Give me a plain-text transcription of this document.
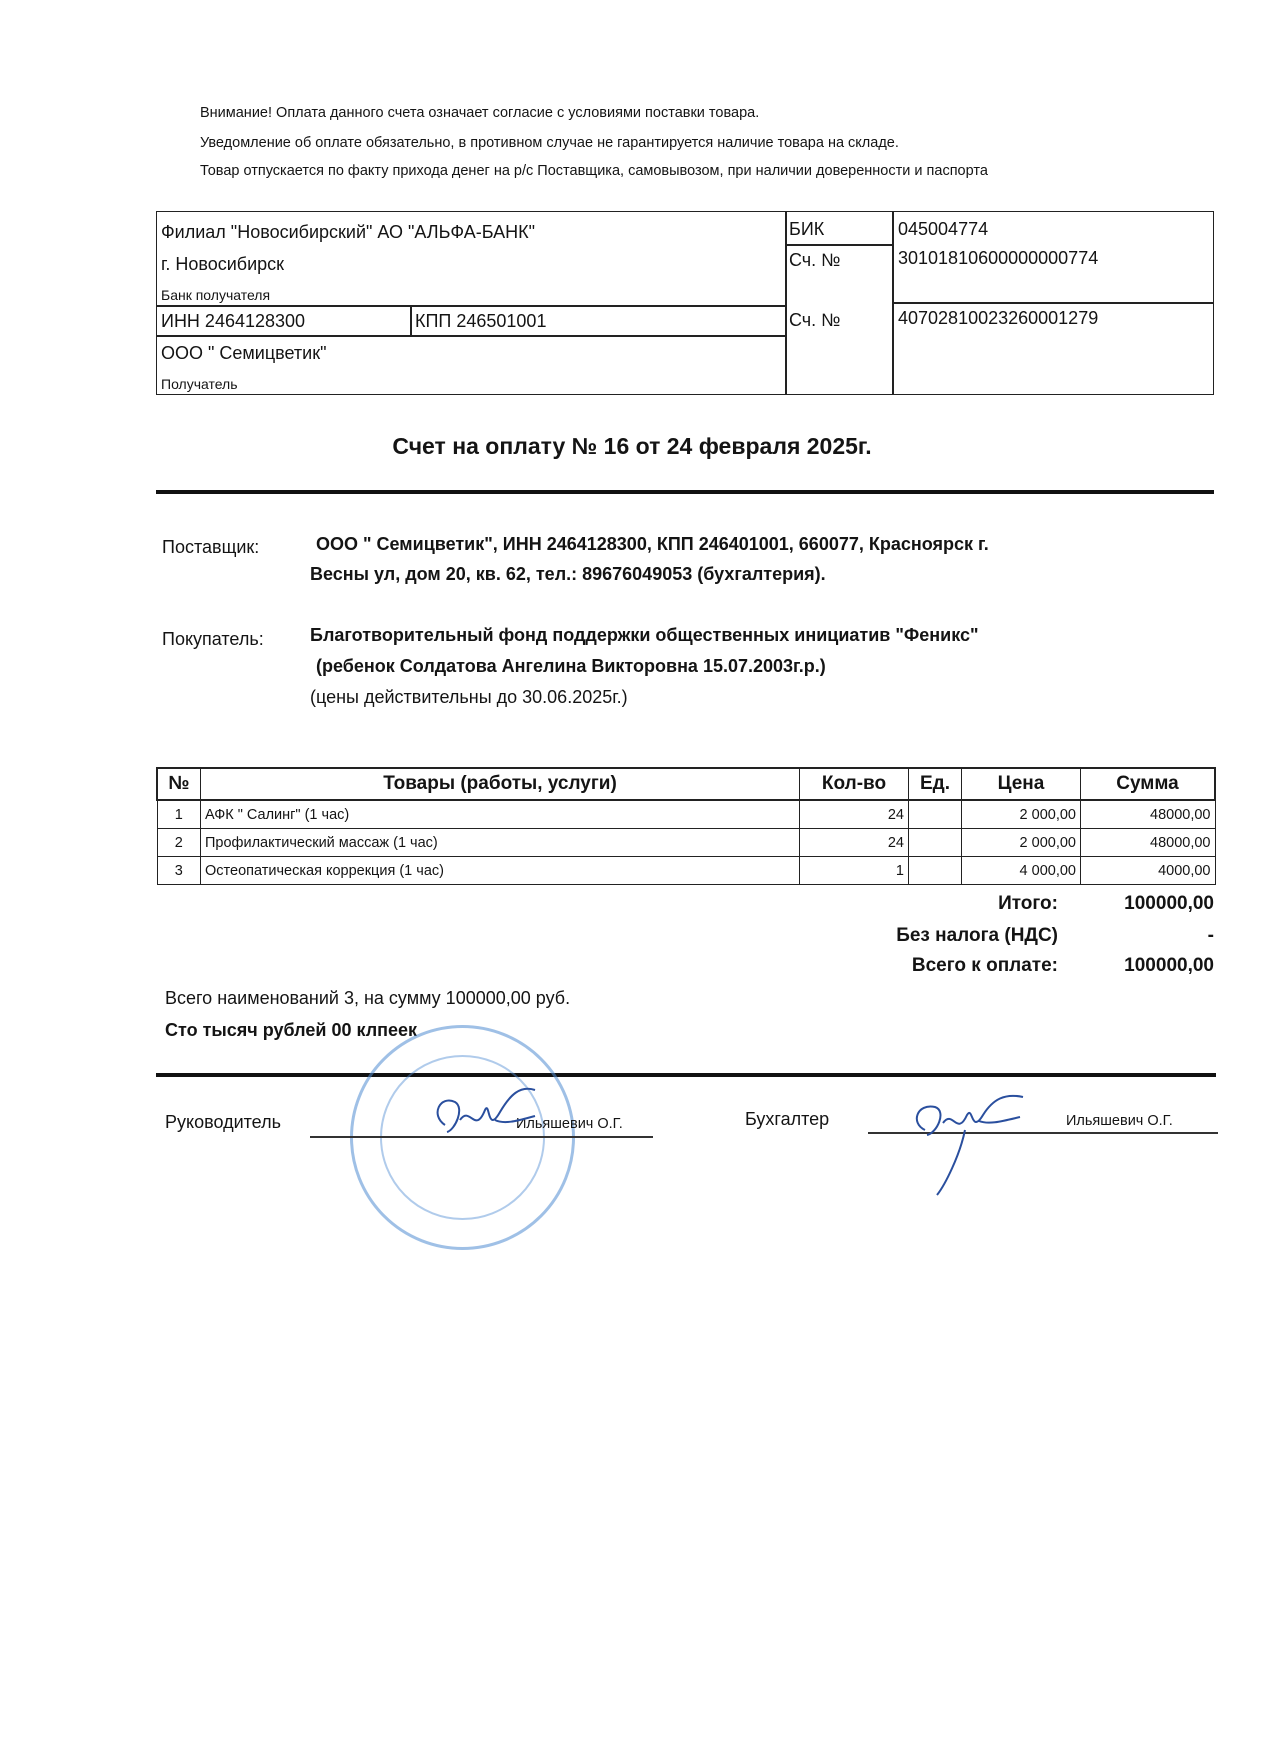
Внимание! Оплата данного счета означает согласие с условиями поставки товара.
Уведомление об оплате обязательно, в противном случае не гарантируется наличие товара на складе.
Товар отпускается по факту прихода денег на р/с Поставщика, самовывозом, при наличии доверенности и паспорта
Филиал "Новосибирский" АО "АЛЬФА-БАНК"
г. Новосибирск
Банк получателя
БИК	045004774
Сч. №	30101810600000000774
ИНН 2464128300	КПП 246501001	Сч. №	40702810023260001279
ООО " Семицветик"
Получатель
Счет на оплату № 16 от 24 февраля 2025г.
Поставщик:	ООО " Семицветик", ИНН 2464128300, КПП 246401001, 660077, Красноярск г.
Весны ул, дом 20, кв. 62, тел.: 89676049053 (бухгалтерия).
Покупатель:	Благотворительный фонд поддержки общественных инициатив "Феникс"
(ребенок Солдатова Ангелина Викторовна 15.07.2003г.р.)
(цены действительны до 30.06.2025г.)
№	Товары (работы, услуги)	Кол-во	Ед.	Цена	Сумма
1	АФК " Салинг" (1 час)	24		2 000,00	48000,00
2	Профилактический массаж (1 час)	24		2 000,00	48000,00
3	Остеопатическая коррекция (1 час)	1		4 000,00	4000,00
Итого:	100000,00
Без налога (НДС)	-
Всего к оплате:	100000,00
Всего наименований 3, на сумму 100000,00 руб.
Сто тысяч рублей 00 клпеек
Руководитель	Ильяшевич О.Г.	Бухгалтер	Ильяшевич О.Г.
